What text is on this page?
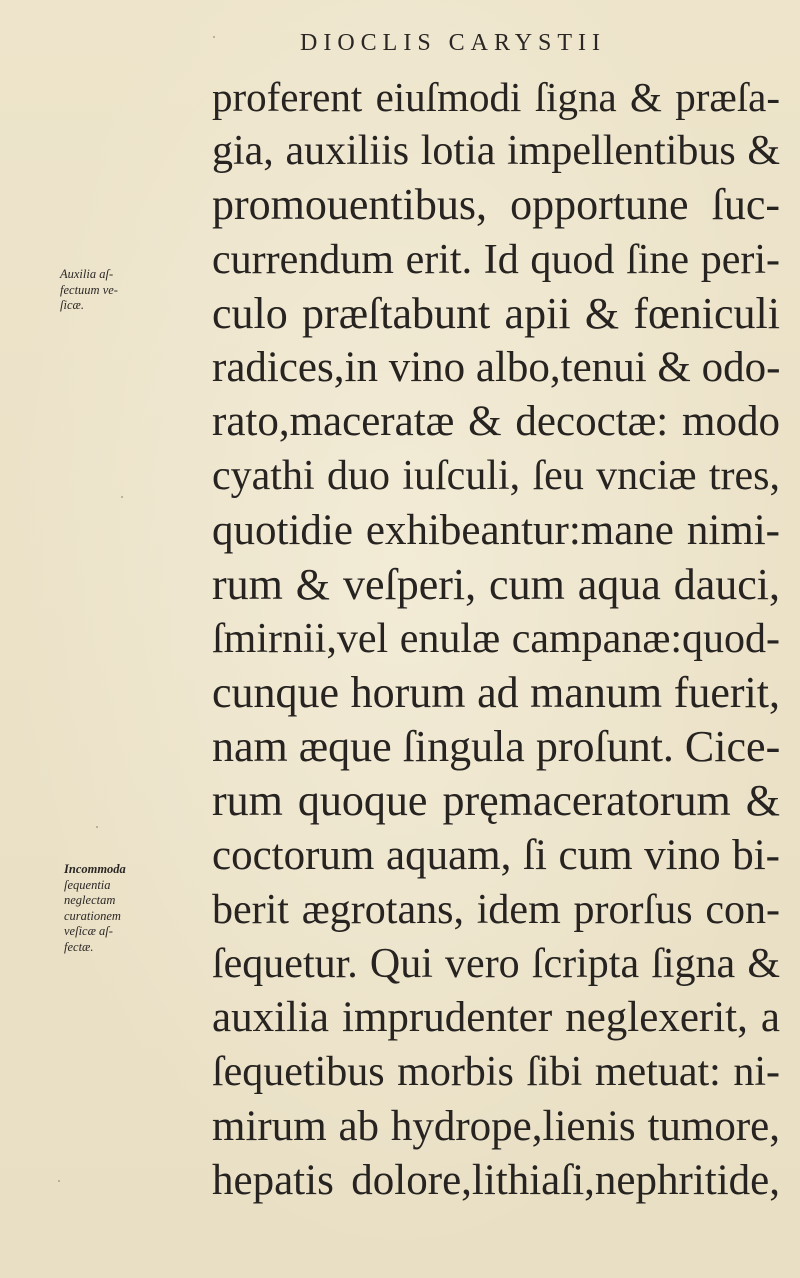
DIOCLIS CARYSTII
Auxilia aſ-
fectuum ve-
ſicæ.
Incommoda
ſequentia
neglectam
curationem
veſicæ aſ-
fectæ.
proferent eiuſmodi ſigna & præſa-
gia, auxiliis lotia impellentibus &
promouentibus, opportune ſuc-
currendum erit. Id quod ſine peri-
culo præſtabunt apii & fœniculi
radices,in vino albo,tenui & odo-
rato,maceratæ & decoctæ: modo
cyathi duo iuſculi, ſeu vnciæ tres,
quotidie exhibeantur:mane nimi-
rum & veſperi, cum aqua dauci,
ſmirnii,vel enulæ campanæ:quod-
cunque horum ad manum fuerit,
nam æque ſingula proſunt. Cice-
rum quoque pręmaceratorum &
coctorum aquam, ſi cum vino bi-
berit ægrotans, idem prorſus con-
ſequetur. Qui vero ſcripta ſigna &
auxilia imprudenter neglexerit, a
ſequetibus morbis ſibi metuat: ni-
mirum ab hydrope,lienis tumore,
hepatis dolore,lithiaſi,nephritide,
